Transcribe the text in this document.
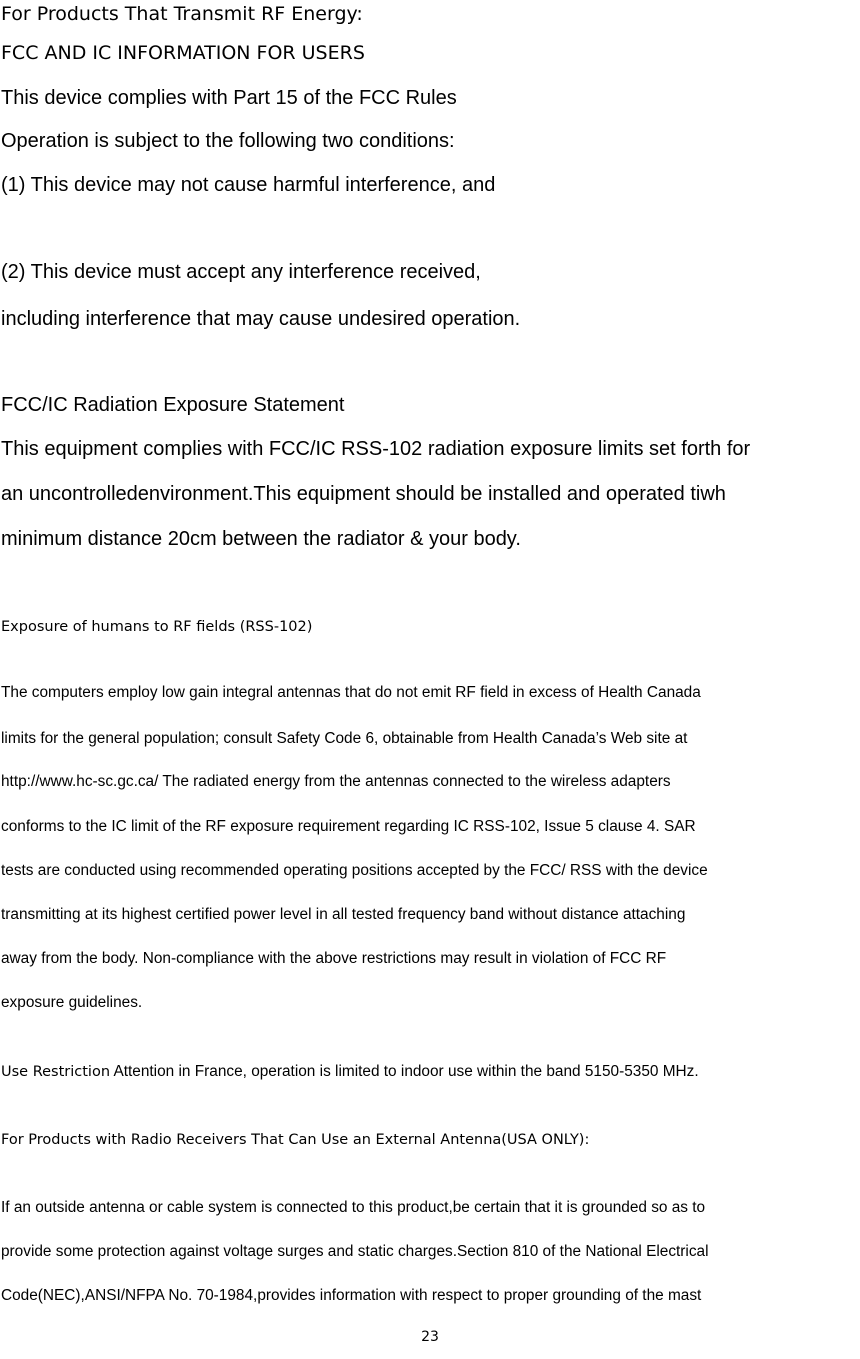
For Products That Transmit RF Energy:
FCC AND IC INFORMATION FOR USERS
This device complies with Part 15 of the FCC Rules
Operation is subject to the following two conditions:
(1) This device may not cause harmful interference, and
(2) This device must accept any interference received,
including interference that may cause undesired operation.
FCC/IC Radiation Exposure Statement
This equipment complies with FCC/IC RSS-102 radiation exposure limits set forth for
an uncontrolledenvironment.This equipment should be installed and operated tiwh
minimum distance 20cm between the radiator & your body.
Exposure of humans to RF fields (RSS-102)
The computers employ low gain integral antennas that do not emit RF field in excess of Health Canada
limits for the general population; consult Safety Code 6, obtainable from Health Canada’s Web site at
http://www.hc-sc.gc.ca/ The radiated energy from the antennas connected to the wireless adapters
conforms to the IC limit of the RF exposure requirement regarding IC RSS-102, Issue 5 clause 4. SAR
tests are conducted using recommended operating positions accepted by the FCC/ RSS with the device
transmitting at its highest certified power level in all tested frequency band without distance attaching
away from the body. Non-compliance with the above restrictions may result in violation of FCC RF
exposure guidelines.
Use Restriction Attention in France, operation is limited to indoor use within the band 5150-5350 MHz.
For Products with Radio Receivers That Can Use an External Antenna(USA ONLY):
If an outside antenna or cable system is connected to this product,be certain that it is grounded so as to
provide some protection against voltage surges and static charges.Section 810 of the National Electrical
Code(NEC),ANSI/NFPA No. 70-1984,provides information with respect to proper grounding of the mast
23
